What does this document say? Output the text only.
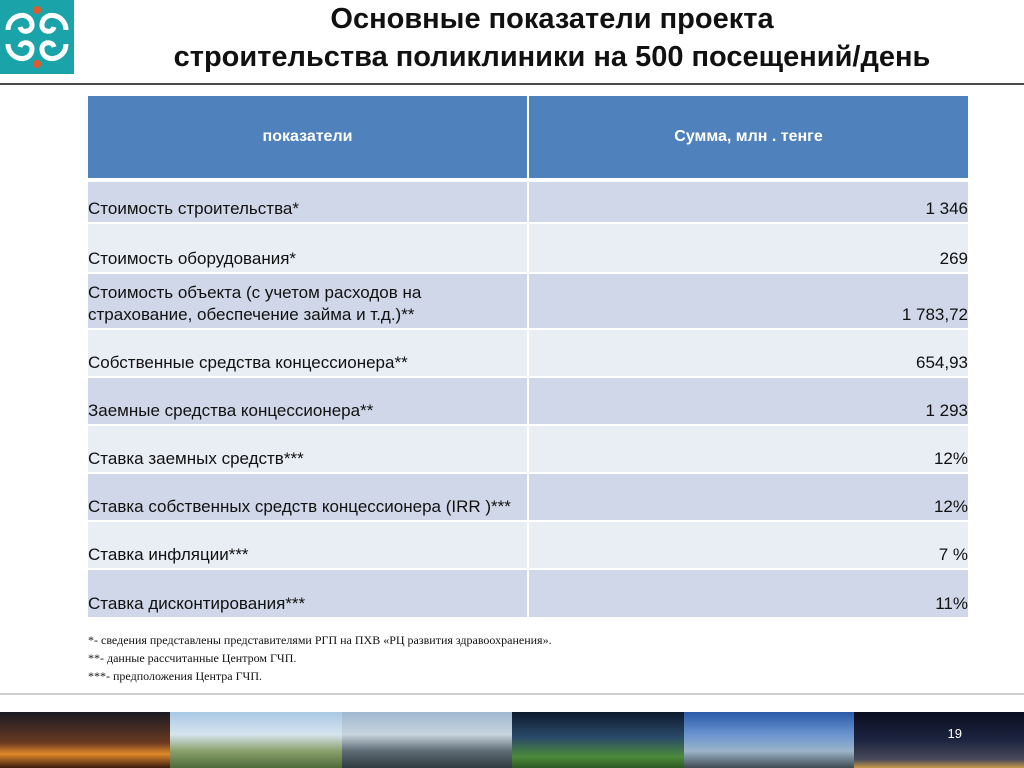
Основные показатели проекта
строительства поликлиники на 500 посещений/день
показатели	Сумма, млн . тенге

Стоимость строительства*	1 346
Стоимость оборудования*	269
Стоимость объекта (с учетом расходов на страхование, обеспечение займа и т.д.)**	1 783,72
Собственные средства концессионера**	654,93
Заемные средства концессионера**	1 293
Ставка заемных средств***	12%
Ставка собственных средств концессионера (IRR )***	12%
Ставка инфляции***	7 %
Ставка дисконтирования***	11%
*- сведения представлены представителями РГП на ПХВ «РЦ развития здравоохранения».
**- данные рассчитанные Центром ГЧП.
***- предположения Центра ГЧП.
19
